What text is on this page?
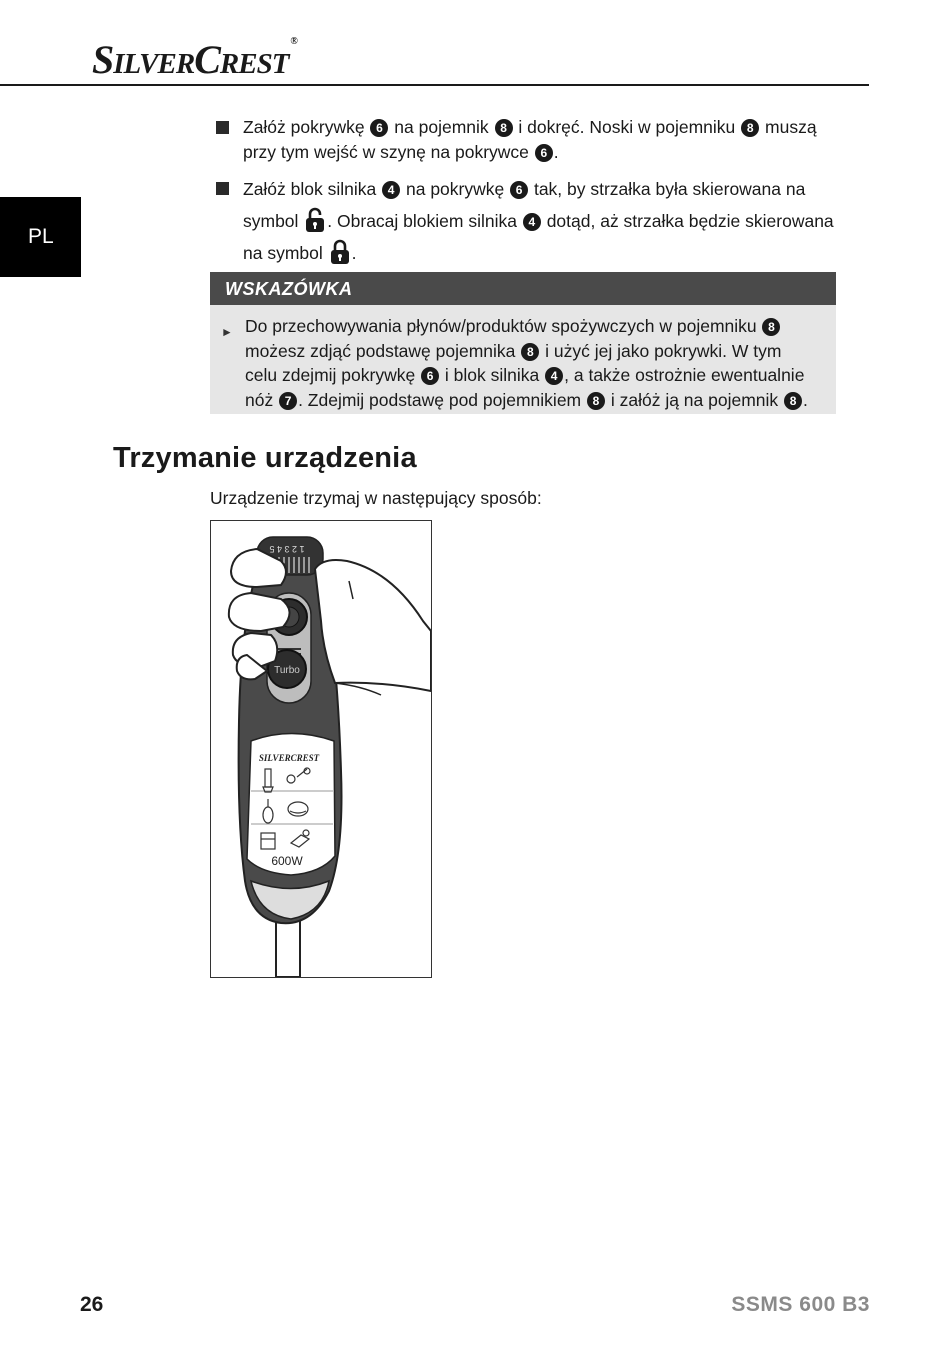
SILVERCREST®
PL
Załóż pokrywkę 6 na pojemnik 8 i dokręć. Noski w pojemniku 8 muszą przy tym wejść w szynę na pokrywce 6 .
Załóż blok silnika 4 na pokrywkę 6 tak, by strzałka była skierowana na symbol . Obracaj blokiem silnika 4 dotąd, aż strzałka będzie skierowana na symbol .
WSKAZÓWKA
► Do przechowywania płynów/produktów spożywczych w pojemniku 8 możesz zdjąć podstawę pojemnika 8 i użyć jej jako pokrywki. W tym celu zdejmij pokrywkę 6 i blok silnika 4 , a także ostrożnie ewentualnie nóż 7 . Zdejmij podstawę pod pojemnikiem 8 i załóż ją na pojemnik 8 .
Trzymanie urządzenia
Urządzenie trzymaj w następujący sposób:
1 2 3 4 5
Turbo
SILVERCREST
600W
26	SSMS 600 B3
